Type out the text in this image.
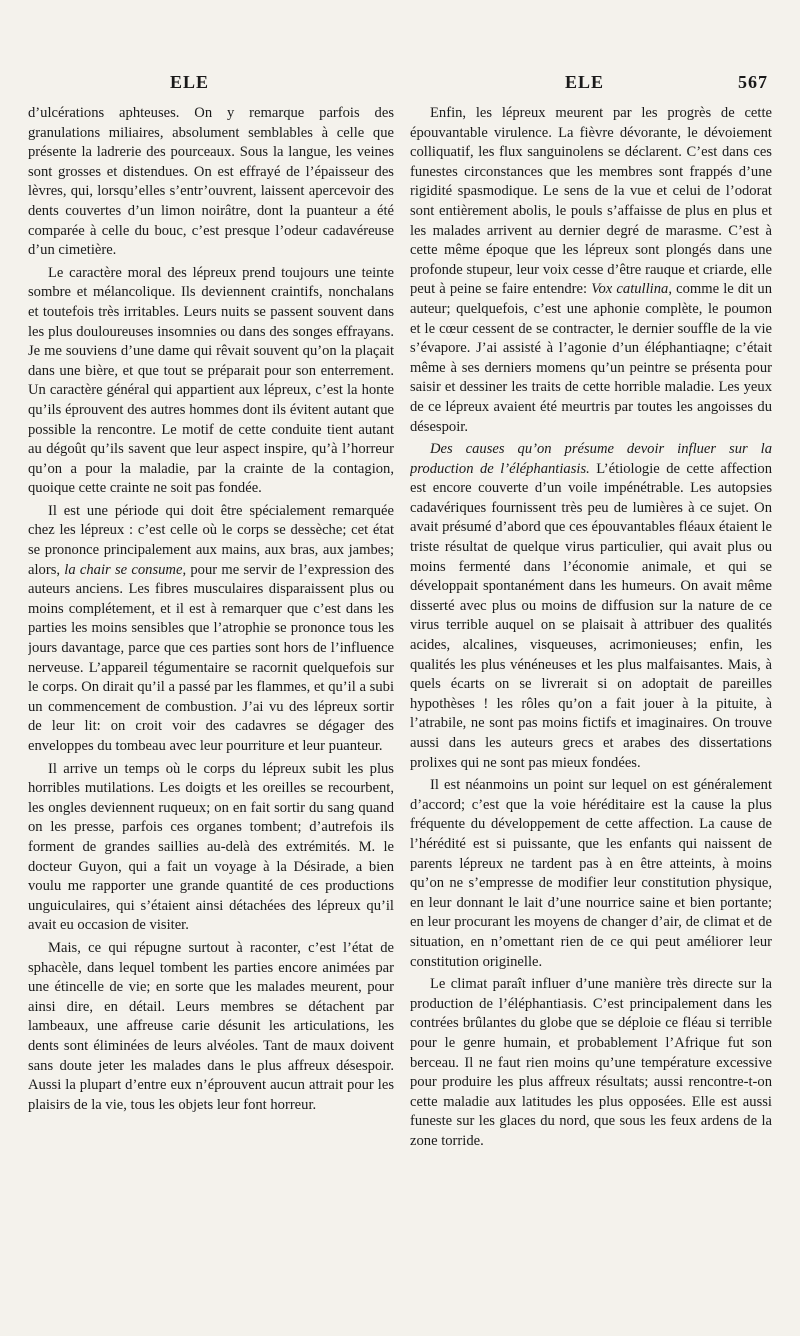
ELE	ELE	567

d’ulcérations aphteuses. On y remarque parfois des granulations miliaires, absolument semblables à celle que présente la ladrerie des pourceaux. Sous la langue, les veines sont grosses et distendues. On est effrayé de l’épaisseur des lèvres, qui, lorsqu’elles s’entr’ouvrent, laissent apercevoir des dents couvertes d’un limon noirâtre, dont la puanteur a été comparée à celle du bouc, c’est presque l’odeur cadavéreuse d’un cimetière.

Le caractère moral des lépreux prend toujours une teinte sombre et mélancolique. Ils deviennent craintifs, nonchalans et toutefois très irritables. Leurs nuits se passent souvent dans les plus douloureuses insomnies ou dans des songes effrayans. Je me souviens d’une dame qui rêvait souvent qu’on la plaçait dans une bière, et que tout se préparait pour son enterrement. Un caractère général qui appartient aux lépreux, c’est la honte qu’ils éprouvent des autres hommes dont ils évitent autant que possible la rencontre. Le motif de cette conduite tient autant au dégoût qu’ils savent que leur aspect inspire, qu’à l’horreur qu’on a pour la maladie, par la crainte de la contagion, quoique cette crainte ne soit pas fondée.

Il est une période qui doit être spécialement remarquée chez les lépreux : c’est celle où le corps se dessèche; cet état se prononce principalement aux mains, aux bras, aux jambes; alors, la chair se consume, pour me servir de l’expression des auteurs anciens. Les fibres musculaires disparaissent plus ou moins complétement, et il est à remarquer que c’est dans les parties les moins sensibles que l’atrophie se prononce tous les jours davantage, parce que ces parties sont hors de l’influence nerveuse. L’appareil tégumentaire se racornit quelquefois sur le corps. On dirait qu’il a passé par les flammes, et qu’il a subi un commencement de combustion. J’ai vu des lépreux sortir de leur lit: on croit voir des cadavres se dégager des enveloppes du tombeau avec leur pourriture et leur puanteur.

Il arrive un temps où le corps du lépreux subit les plus horribles mutilations. Les doigts et les oreilles se recourbent, les ongles deviennent ruqueux; on en fait sortir du sang quand on les presse, parfois ces organes tombent; d’autrefois ils forment de grandes saillies au-delà des extrémités. M. le docteur Guyon, qui a fait un voyage à la Désirade, a bien voulu me rapporter une grande quantité de ces productions unguiculaires, qui s’étaient ainsi détachées des lépreux qu’il avait eu occasion de visiter.

Mais, ce qui répugne surtout à raconter, c’est l’état de sphacèle, dans lequel tombent les parties encore animées par une étincelle de vie; en sorte que les malades meurent, pour ainsi dire, en détail. Leurs membres se détachent par lambeaux, une affreuse carie désunit les articulations, les dents sont éliminées de leurs alvéoles. Tant de maux doivent sans doute jeter les malades dans le plus affreux désespoir. Aussi la plupart d’entre eux n’éprouvent aucun attrait pour les plaisirs de la vie, tous les objets leur font horreur.

Enfin, les lépreux meurent par les progrès de cette épouvantable virulence. La fièvre dévorante, le dévoiement colliquatif, les flux sanguinolens se déclarent. C’est dans ces funestes circonstances que les membres sont frappés d’une rigidité spasmodique. Le sens de la vue et celui de l’odorat sont entièrement abolis, le pouls s’affaisse de plus en plus et les malades arrivent au dernier degré de marasme. C’est à cette même époque que les lépreux sont plongés dans une profonde stupeur, leur voix cesse d’être rauque et criarde, elle peut à peine se faire entendre: Vox catullina, comme le dit un auteur; quelquefois, c’est une aphonie complète, le poumon et le cœur cessent de se contracter, le dernier souffle de la vie s’évapore. J’ai assisté à l’agonie d’un éléphantiaqne; c’était même à ses derniers momens qu’un peintre se présenta pour saisir et dessiner les traits de cette horrible maladie. Les yeux de ce lépreux avaient été meurtris par toutes les angoisses du désespoir.

Des causes qu’on présume devoir influer sur la production de l’éléphantiasis. L’étiologie de cette affection est encore couverte d’un voile impénétrable. Les autopsies cadavériques fournissent très peu de lumières à ce sujet. On avait présumé d’abord que ces épouvantables fléaux étaient le triste résultat de quelque virus particulier, qui avait plus ou moins fermenté dans l’économie animale, et qui se développait spontanément dans les humeurs. On avait même disserté avec plus ou moins de diffusion sur la nature de ce virus terrible auquel on se plaisait à attribuer des qualités acides, alcalines, visqueuses, acrimonieuses; enfin, les qualités les plus vénéneuses et les plus malfaisantes. Mais, à quels écarts on se livrerait si on adoptait de pareilles hypothèses ! les rôles qu’on a fait jouer à la pituite, à l’atrabile, ne sont pas moins fictifs et imaginaires. On trouve aussi dans les auteurs grecs et arabes des dissertations prolixes qui ne sont pas mieux fondées.

Il est néanmoins un point sur lequel on est généralement d’accord; c’est que la voie héréditaire est la cause la plus fréquente du développement de cette affection. La cause de l’hérédité est si puissante, que les enfants qui naissent de parents lépreux ne tardent pas à en être atteints, à moins qu’on ne s’empresse de modifier leur constitution physique, en leur donnant le lait d’une nourrice saine et bien portante; en leur procurant les moyens de changer d’air, de climat et de situation, en n’omettant rien de ce qui peut améliorer leur constitution originelle.

Le climat paraît influer d’une manière très directe sur la production de l’éléphantiasis. C’est principalement dans les contrées brûlantes du globe que se déploie ce fléau si terrible pour le genre humain, et probablement l’Afrique fut son berceau. Il ne faut rien moins qu’une température excessive pour produire les plus affreux résultats; aussi rencontre-t-on cette maladie aux latitudes les plus opposées. Elle est aussi funeste sur les glaces du nord, que sous les feux ardens de la zone torride.
